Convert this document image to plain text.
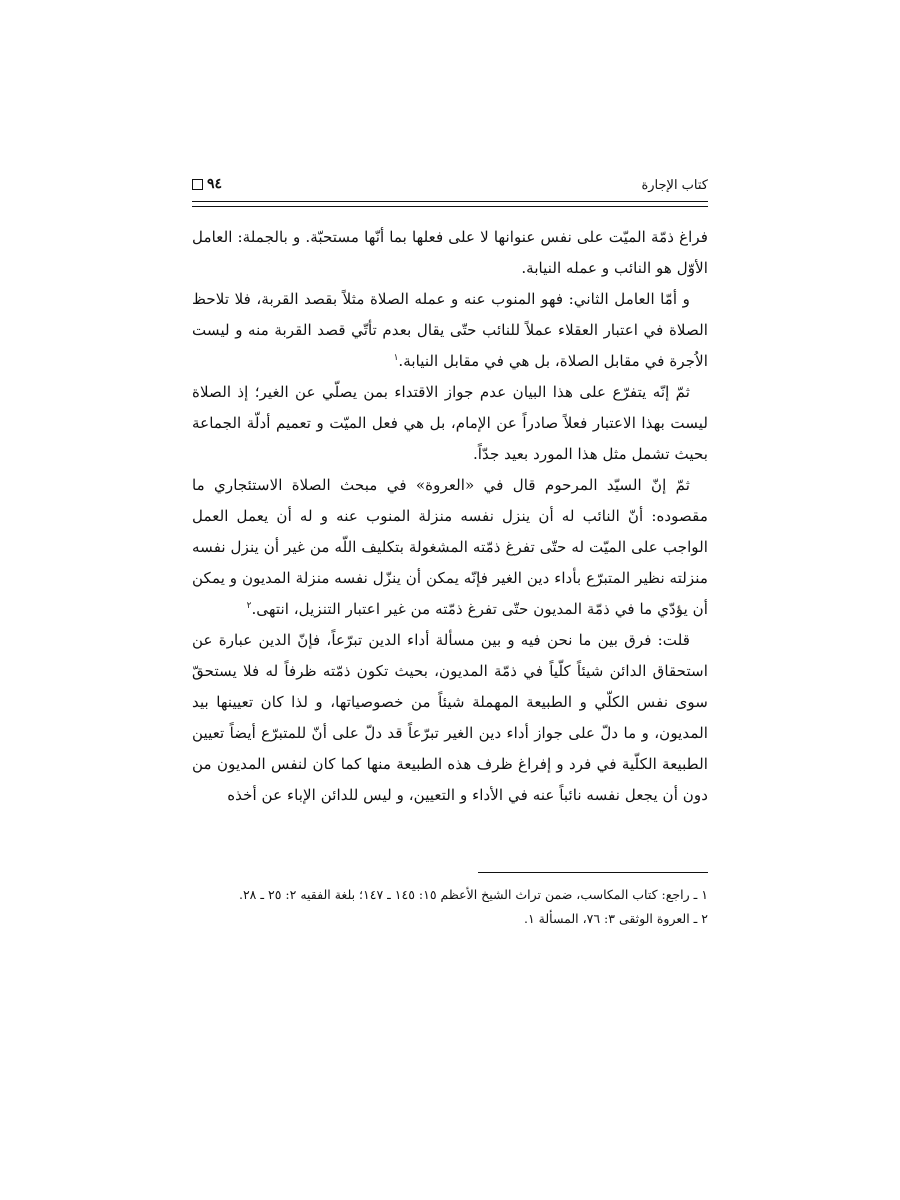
كتاب الإجارة
٩٤

فراغ ذمّة الميّت على نفس عنوانها لا على فعلها بما أنّها مستحبّة. و بالجملة: العامل الأوّل هو النائب و عمله النيابة.

و أمّا العامل الثاني: فهو المنوب عنه و عمله الصلاة مثلاً بقصد القربة، فلا تلاحظ الصلاة في اعتبار العقلاء عملاً للنائب حتّى يقال بعدم تأتّي قصد القربة منه و ليست الاُجرة في مقابل الصلاة، بل هي في مقابل النيابة.$^١$

ثمّ إنّه يتفرّع على هذا البيان عدم جواز الاقتداء بمن يصلّي عن الغير؛ إذ الصلاة ليست بهذا الاعتبار فعلاً صادراً عن الإمام، بل هي فعل الميّت و تعميم أدلّة الجماعة بحيث تشمل مثل هذا المورد بعيد جدّاً.

ثمّ إنّ السيّد المرحوم قال في «العروة» في مبحث الصلاة الاستئجاري ما مقصوده: أنّ النائب له أن ينزل نفسه منزلة المنوب عنه و له أن يعمل العمل الواجب على الميّت له حتّى تفرغ ذمّته المشغولة بتكليف اللّه من غير أن ينزل نفسه منزلته نظير المتبرّع بأداء دين الغير فإنّه يمكن أن ينزّل نفسه منزلة المديون و يمكن أن يؤدّي ما في ذمّة المديون حتّى تفرغ ذمّته من غير اعتبار التنزيل، انتهى.$^٢$

قلت: فرق بين ما نحن فيه و بين مسألة أداء الدين تبرّعاً، فإنّ الدين عبارة عن استحقاق الدائن شيئاً كلّياً في ذمّة المديون، بحيث تكون ذمّته ظرفاً له فلا يستحقّ سوى نفس الكلّي و الطبيعة المهملة شيئاً من خصوصياتها، و لذا كان تعيينها بيد المديون، و ما دلّ على جواز أداء دين الغير تبرّعاً قد دلّ على أنّ للمتبرّع أيضاً تعيين الطبيعة الكلّية في فرد و إفراغ ظرف هذه الطبيعة منها كما كان لنفس المديون من دون أن يجعل نفسه نائباً عنه في الأداء و التعيين، و ليس للدائن الإباء عن أخذه

١ ـ راجع: كتاب المكاسب، ضمن تراث الشيخ الأعظم ١٥: ١٤٥ ـ ١٤٧؛ بلغة الفقيه ٢: ٢٥ ـ ٢٨.
٢ ـ العروة الوثقى ٣: ٧٦، المسألة ١.
